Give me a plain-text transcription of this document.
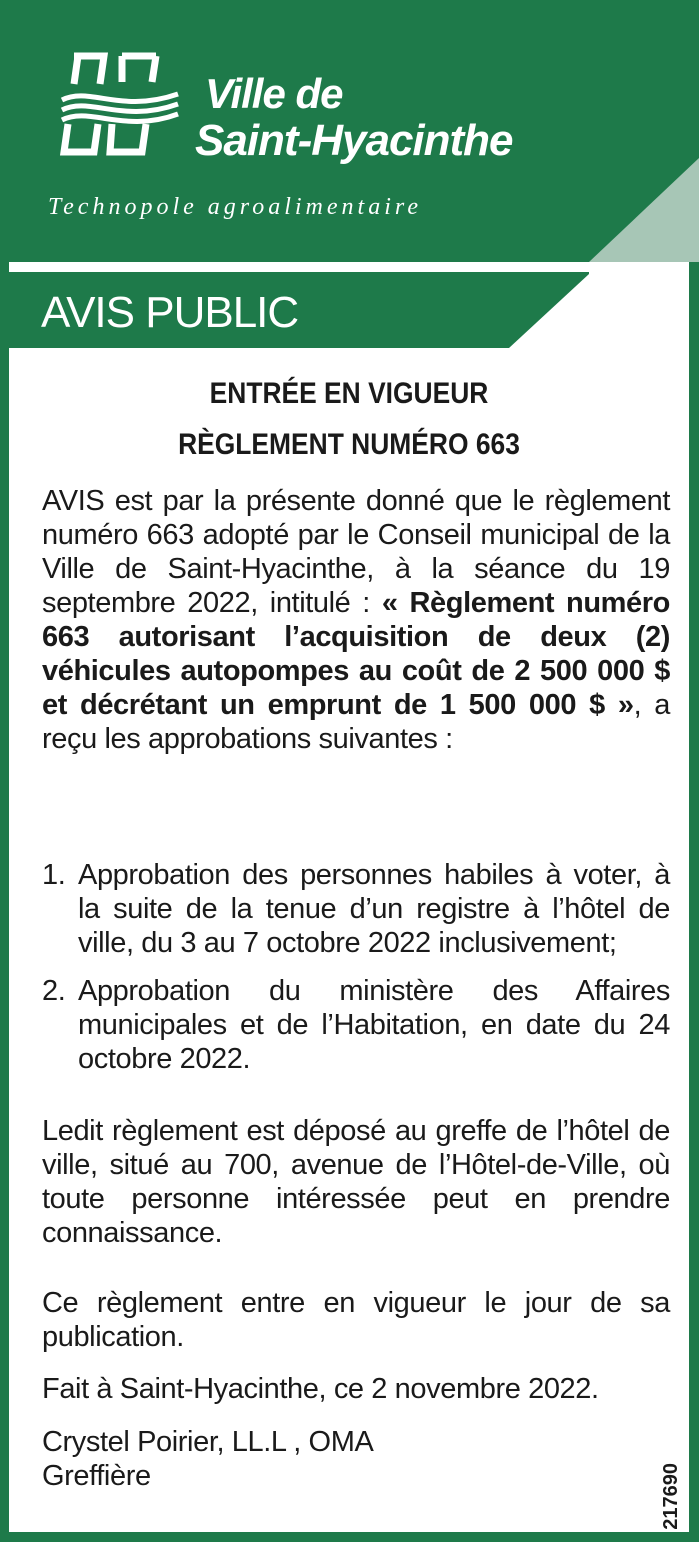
Ville de
Saint-Hyacinthe
Technopole agroalimentaire
AVIS PUBLIC
ENTRÉE EN VIGUEUR
RÈGLEMENT NUMÉRO 663
AVIS est par la présente donné que le règlement numéro 663 adopté par le Conseil municipal de la Ville de Saint-Hyacinthe, à la séance du 19 septembre 2022, intitulé : « Règlement numéro 663 autorisant l’acquisition de deux (2) véhicules autopompes au coût de 2 500 000 $ et décrétant un emprunt de 1 500 000 $ », a reçu les approbations suivantes :
1. Approbation des personnes habiles à voter, à la suite de la tenue d’un registre à l’hôtel de ville, du 3 au 7 octobre 2022 inclusivement;
2. Approbation du ministère des Affaires municipales et de l’Habitation, en date du 24 octobre 2022.
Ledit règlement est déposé au greffe de l’hôtel de ville, situé au 700, avenue de l’Hôtel-de-Ville, où toute personne intéressée peut en prendre connaissance.
Ce règlement entre en vigueur le jour de sa publication.
Fait à Saint-Hyacinthe, ce 2 novembre 2022.
Crystel Poirier, LL.L , OMA
Greffière	217690
